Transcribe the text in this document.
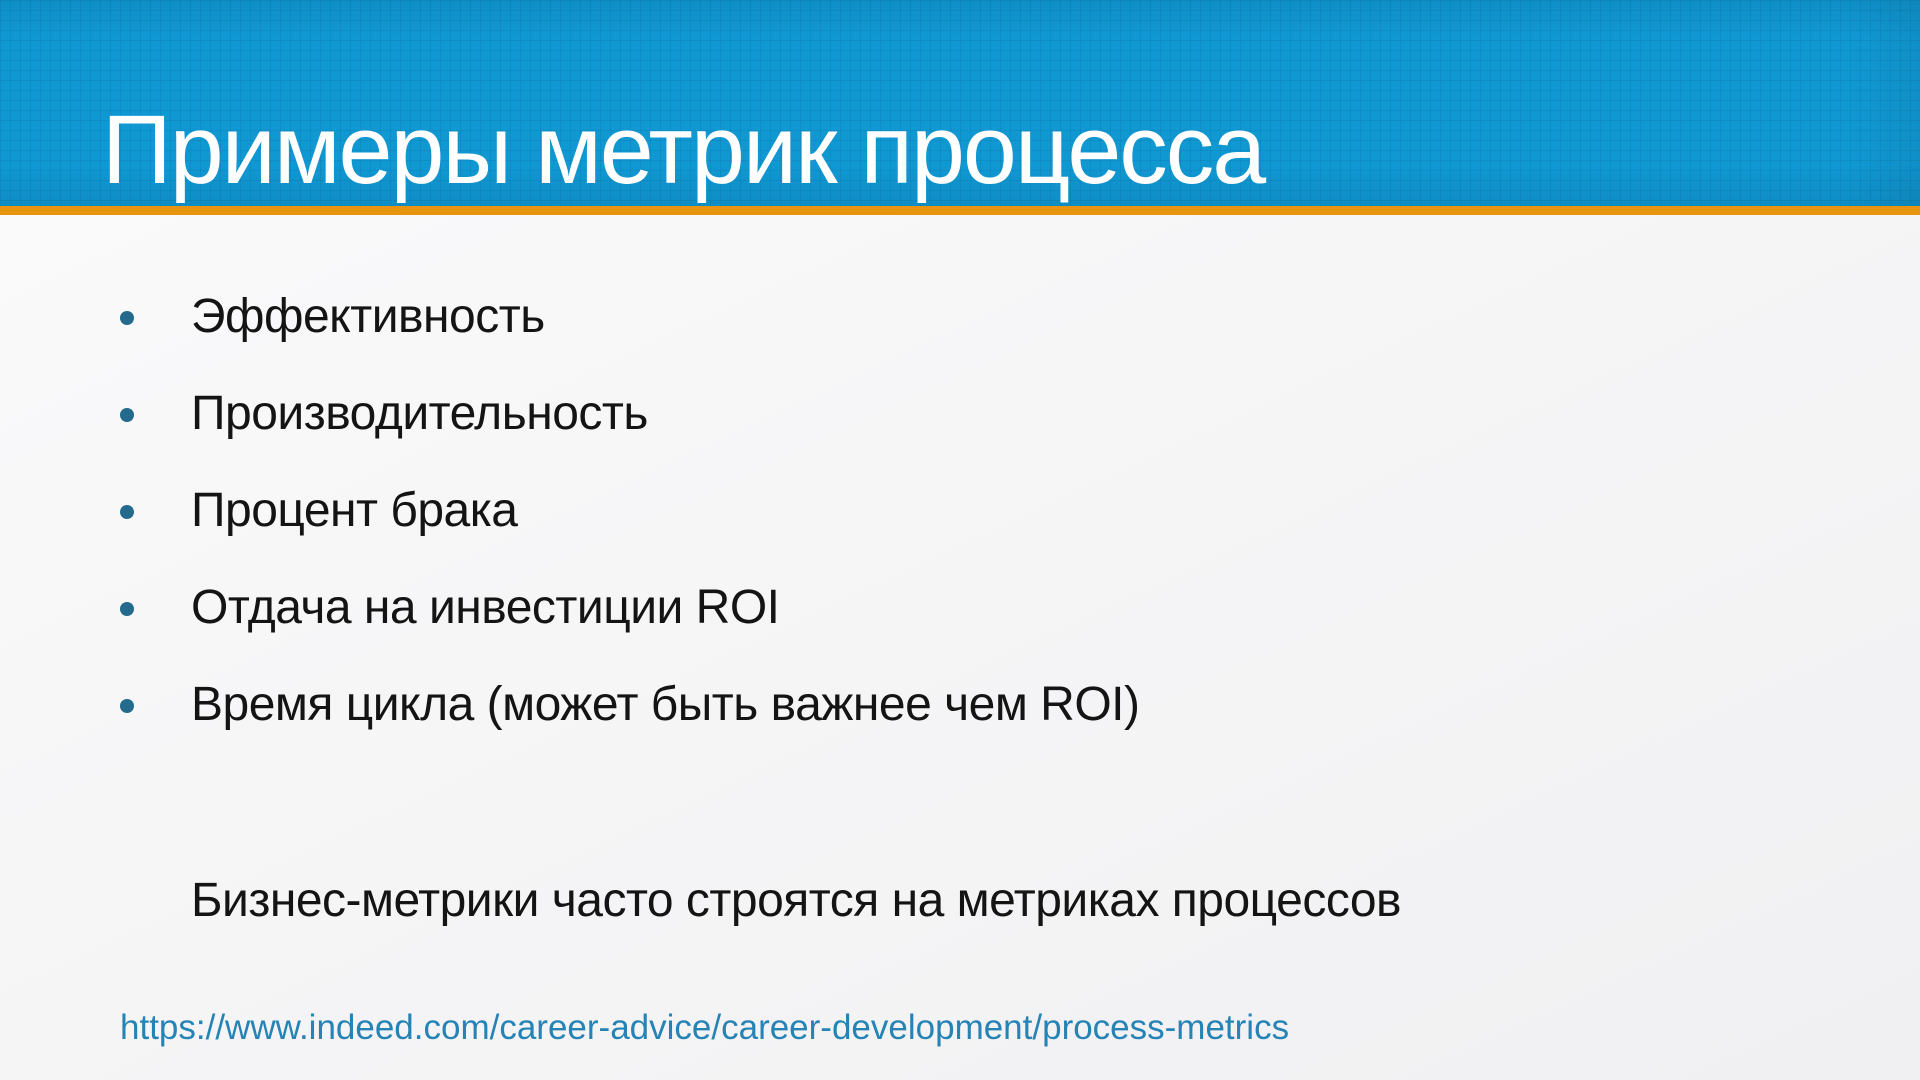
Примеры метрик процесса
Эффективность
Производительность
Процент брака
Отдача на инвестиции ROI
Время цикла (может быть важнее чем ROI)

Бизнес-метрики часто строятся на метриках процессов

https://www.indeed.com/career-advice/career-development/process-metrics
